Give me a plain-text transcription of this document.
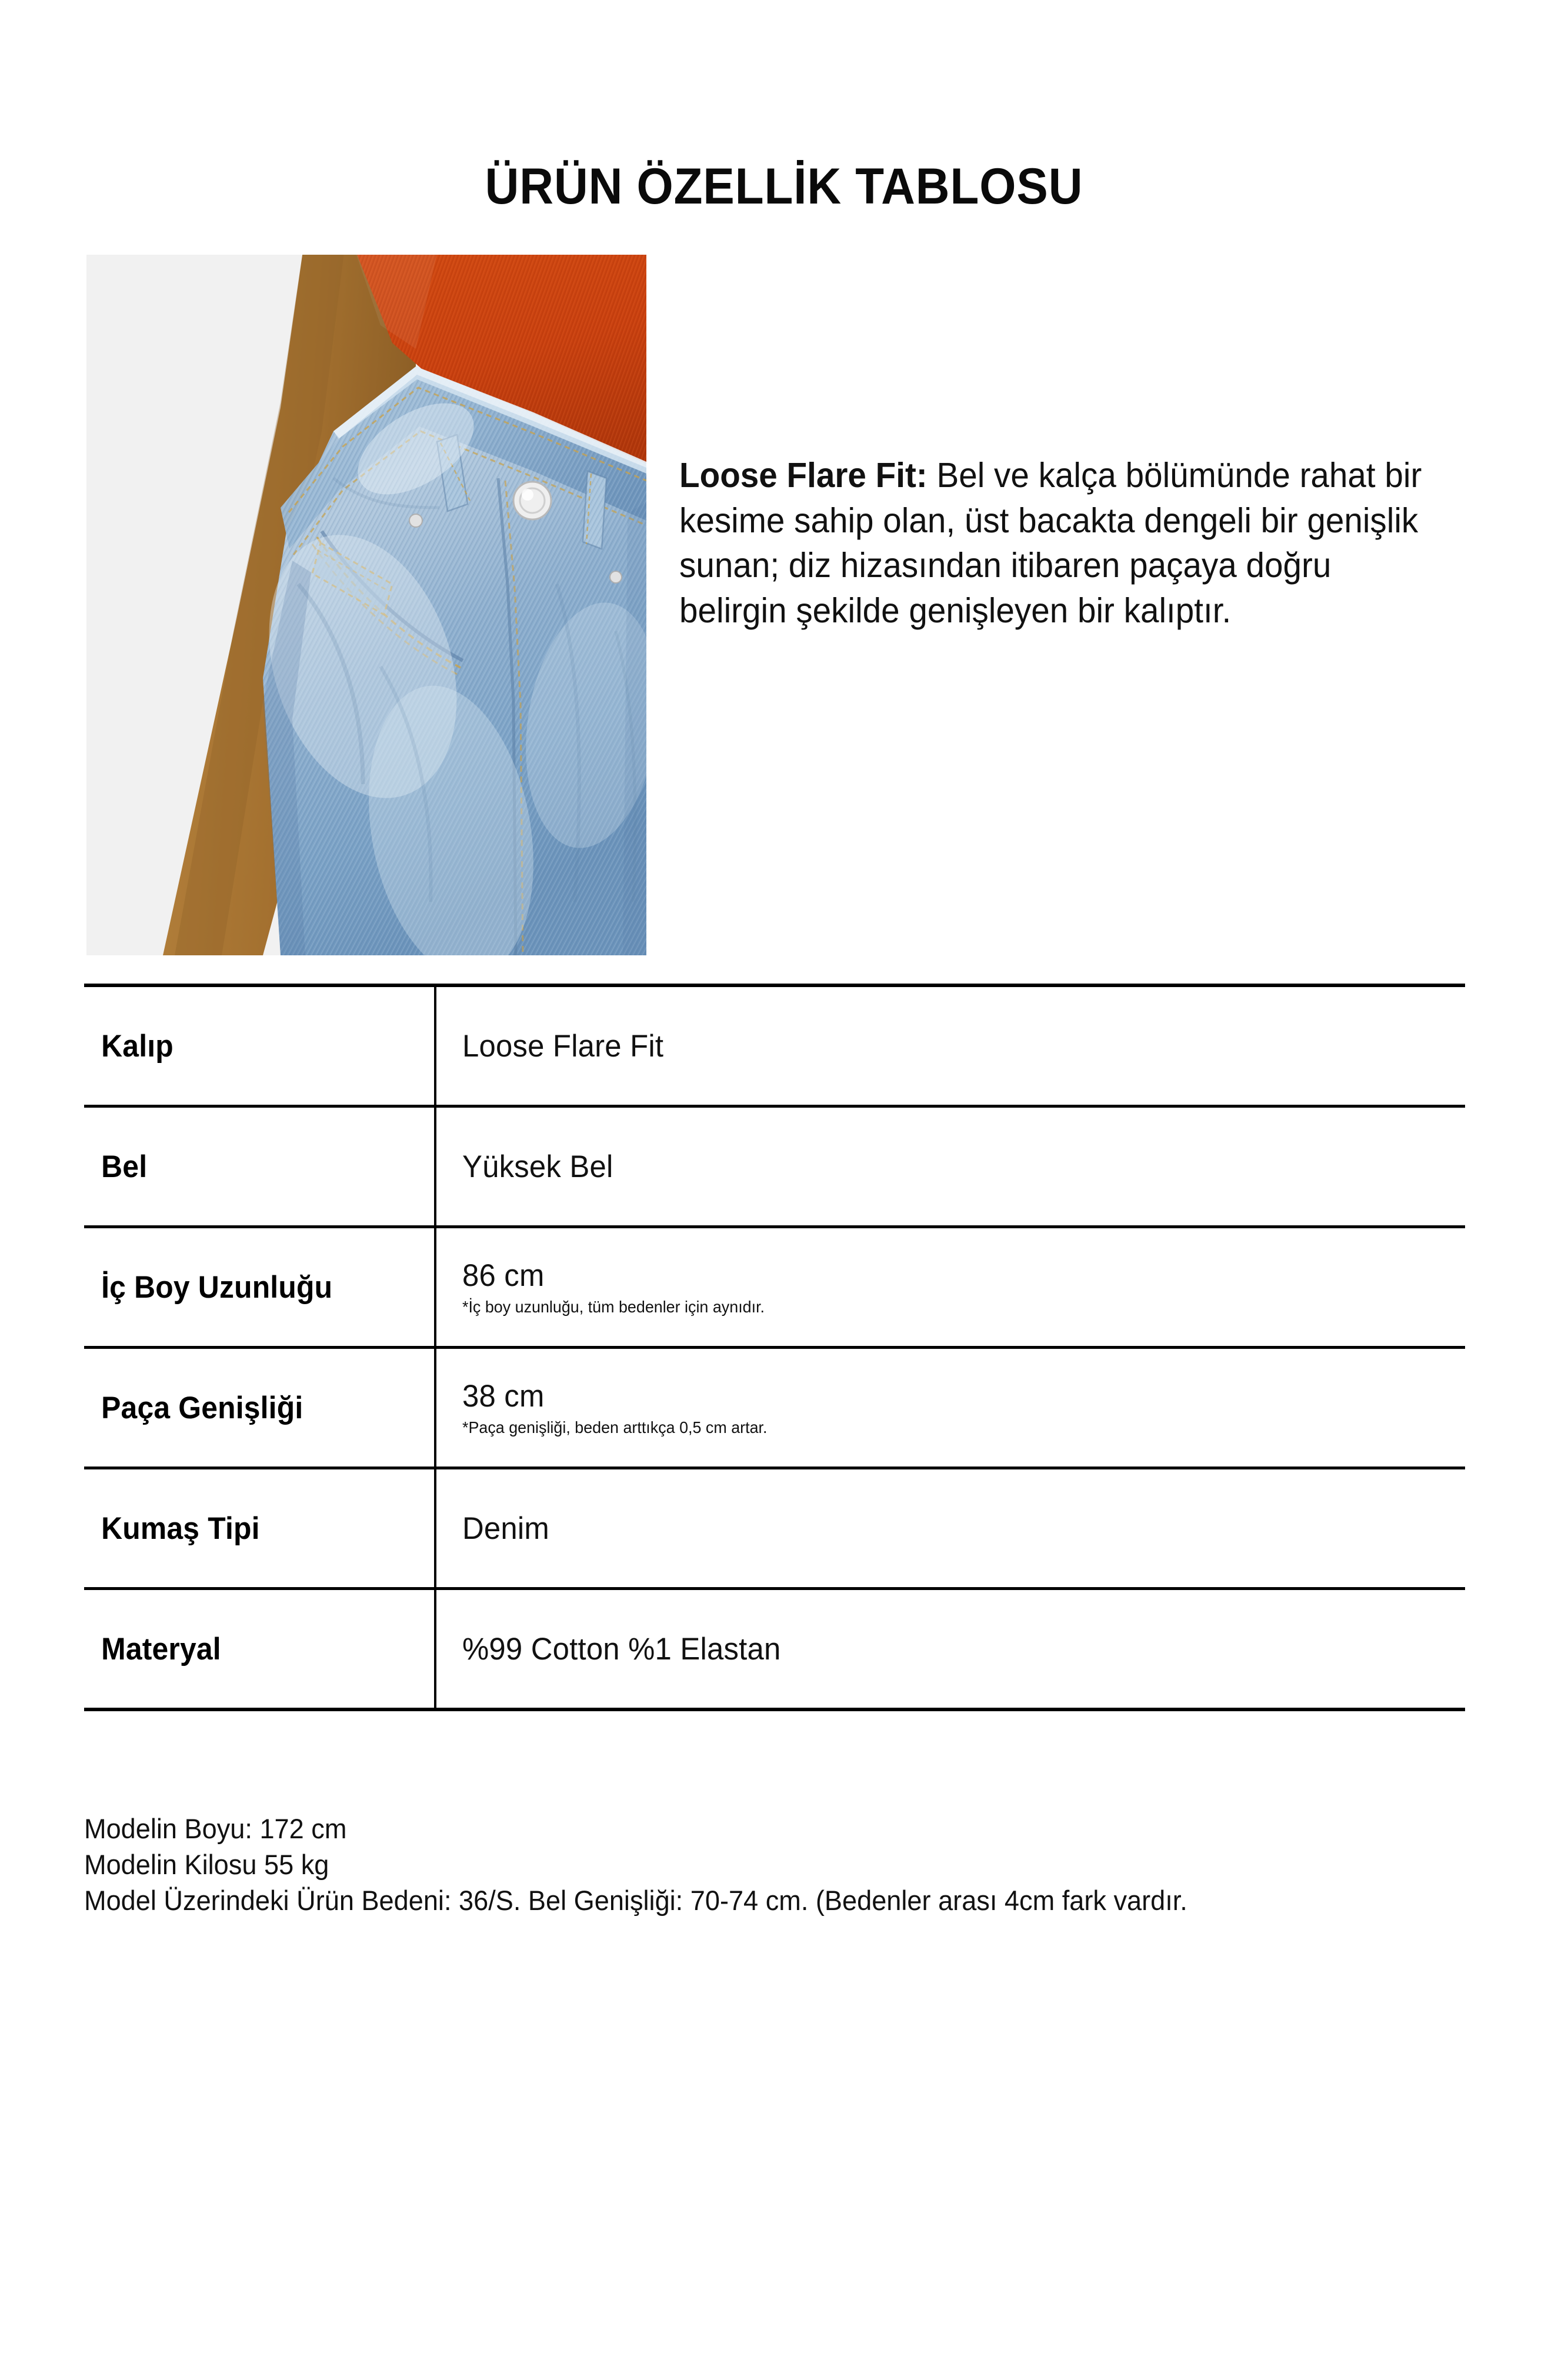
ÜRÜN ÖZELLİK TABLOSU
Loose Flare Fit: Bel ve kalça bölümünde rahat bir kesime sahip olan, üst bacakta dengeli bir genişlik sunan; diz hizasından itibaren paçaya doğru belirgin şekilde genişleyen bir kalıptır.
Kalıp	Loose Flare Fit
Bel	Yüksek Bel
İç Boy Uzunluğu	86 cm
*İç boy uzunluğu, tüm bedenler için aynıdır.
Paça Genişliği	38 cm
*Paça genişliği, beden arttıkça 0,5 cm artar.
Kumaş Tipi	Denim
Materyal	%99 Cotton %1 Elastan
Modelin Boyu: 172 cm
Modelin Kilosu 55 kg
Model Üzerindeki Ürün Bedeni: 36/S. Bel Genişliği: 70-74 cm. (Bedenler arası 4cm fark vardır.
